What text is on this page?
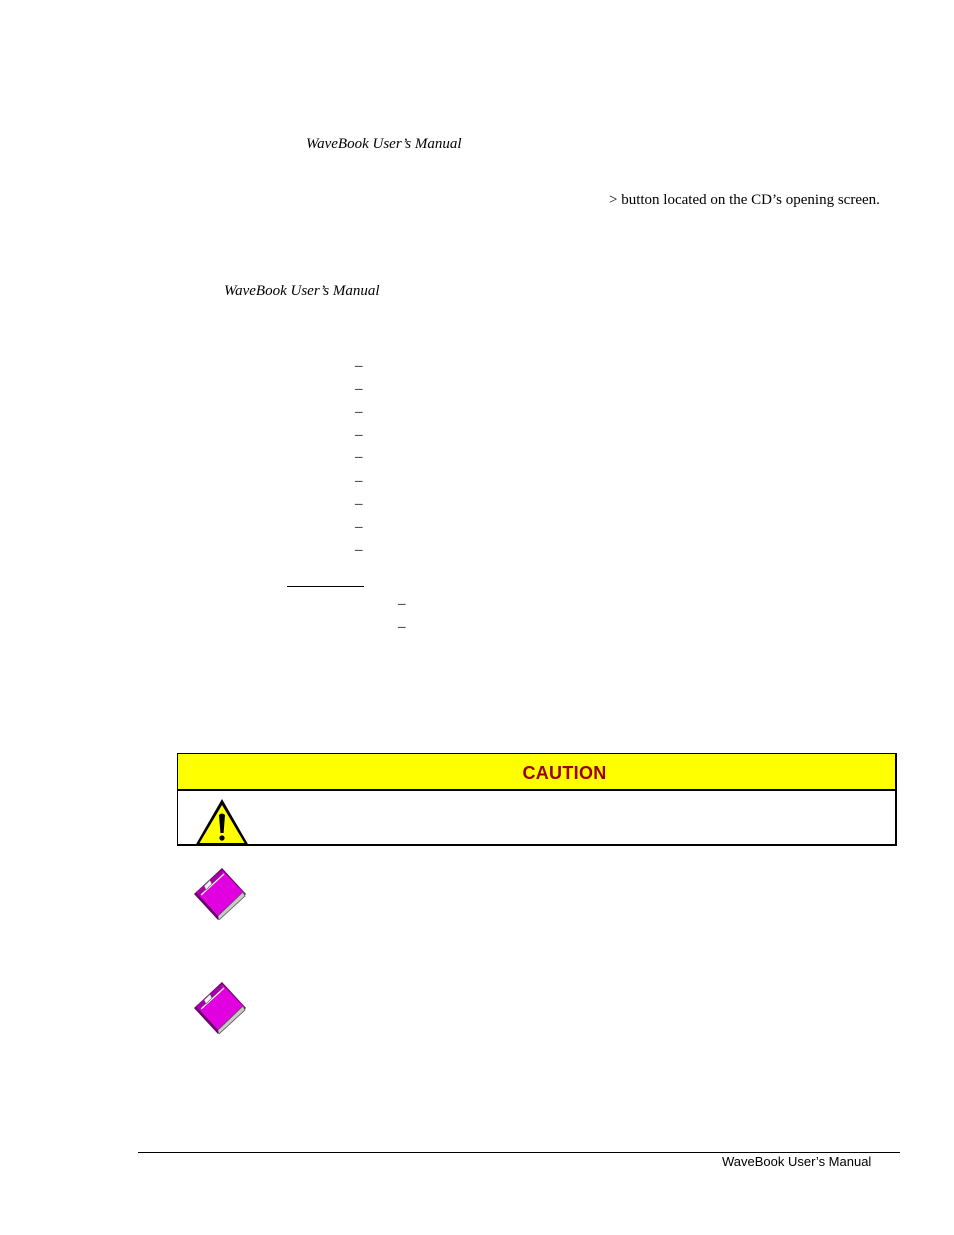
WaveBook User’s Manual
> button located on the CD’s opening screen.
WaveBook User’s Manual
–
–
–
–
–
–
–
–
–
–
–
CAUTION
WaveBook User’s Manual
